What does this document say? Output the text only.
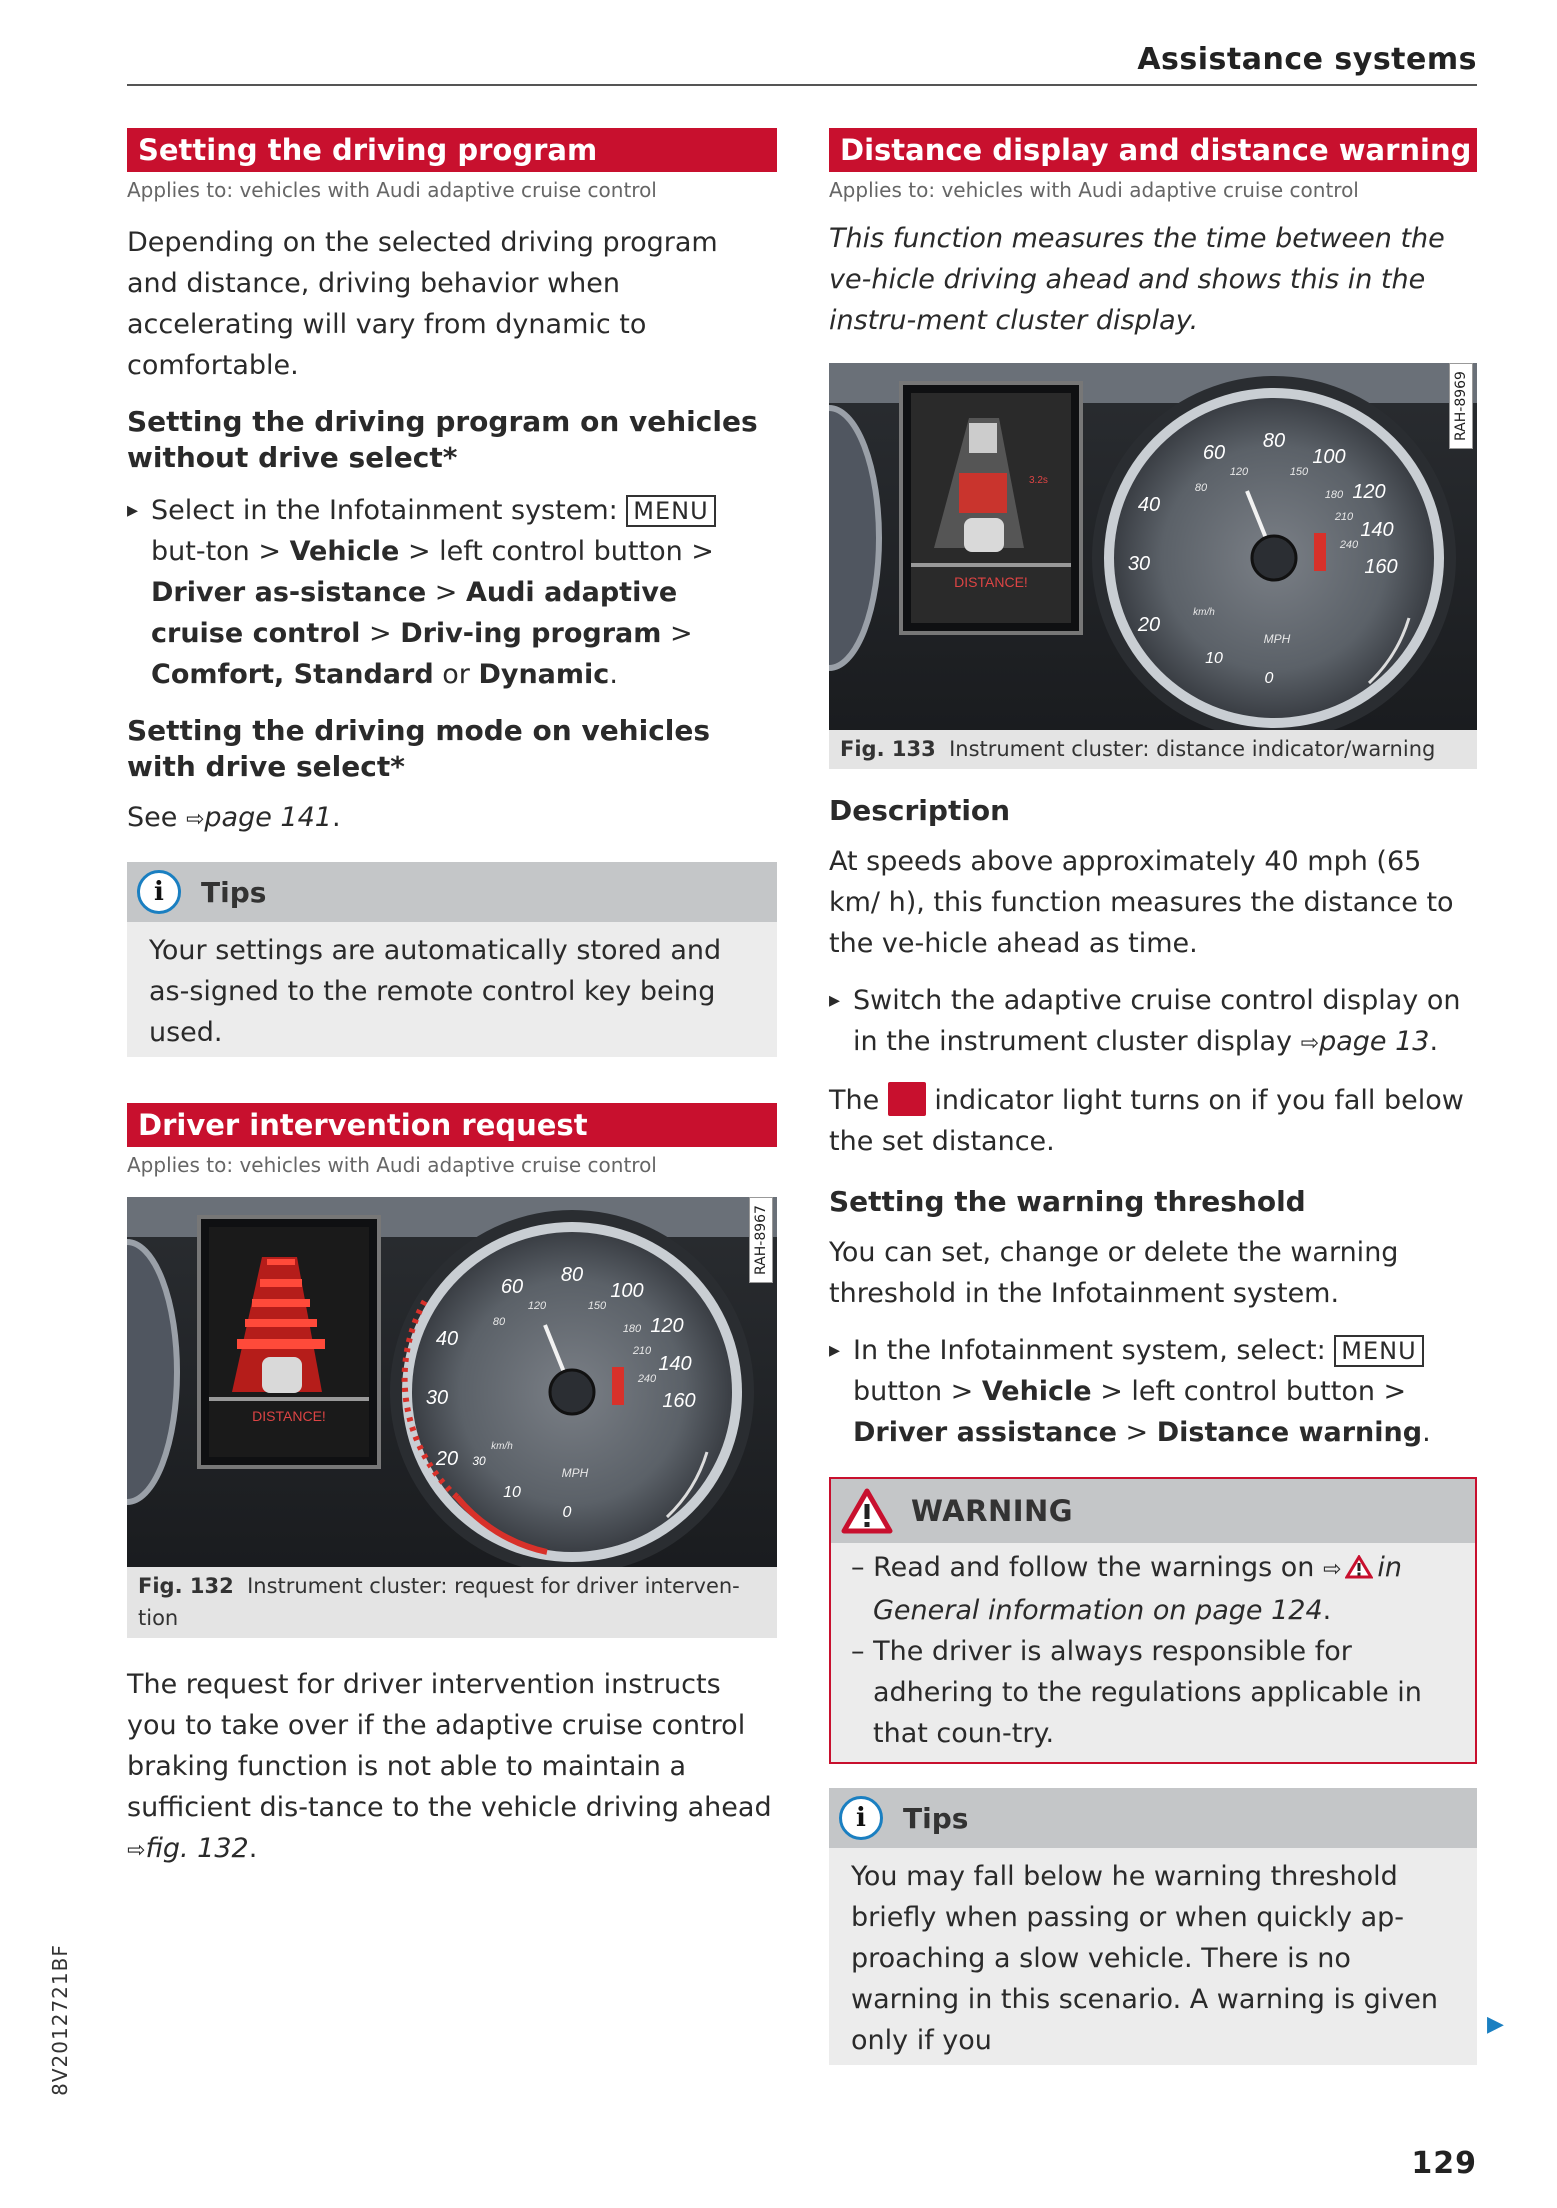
Assistance systems
Setting the driving program
Applies to: vehicles with Audi adaptive cruise control

Depending on the selected driving program and distance, driving behavior when accelerating will vary from dynamic to comfortable.

Setting the driving program on vehicles without drive select*
▸ Select in the Infotainment system: MENU but-ton > Vehicle > left control button > Driver as-sistance > Audi adaptive cruise control > Driv-ing program > Comfort, Standard or Dynamic.
Setting the driving mode on vehicles with drive select*

See ⇨page 141.

i	Tips
Your settings are automatically stored and as-signed to the remote control key being used.
Driver intervention request
Applies to: vehicles with Audi adaptive cruise control
DISTANCE!
20 30
30
40
60
80
100
120
140
160
10
0
80
120	150
180
210
240
MPH
km/h
RAH-8967
Fig. 132 Instrument cluster: request for driver interven-tion

The request for driver intervention instructs you to take over if the adaptive cruise control braking function is not able to maintain a sufficient dis-tance to the vehicle driving ahead ⇨fig. 132.

Distance display and distance warning
Applies to: vehicles with Audi adaptive cruise control

This function measures the time between the ve-hicle driving ahead and shows this in the instru-ment cluster display.

3.2s
DISTANCE!
20
30
40
60
80
100
120
140
160
10
0
80
120	150
180
210
240
MPH
km/h
RAH-8969
Fig. 133 Instrument cluster: distance indicator/warning
Description

At speeds above approximately 40 mph (65 km/ h), this function measures the distance to the ve-hicle ahead as time.

▸ Switch the adaptive cruise control display on in the instrument cluster display ⇨page 13.

The  indicator light turns on if you fall below the set distance.

Setting the warning threshold

You can set, change or delete the warning threshold in the Infotainment system.

▸ In the Infotainment system, select: MENU button > Vehicle > left control button > Driver assistance > Distance warning.
WARNING
– Read and follow the warnings on ⇨ in General information on page 124.
– The driver is always responsible for adhering to the regulations applicable in that coun-try.
i	Tips
You may fall below he warning threshold briefly when passing or when quickly ap-proaching a slow vehicle. There is no warning in this scenario. A warning is given only if you
▶
8V2012721BF
129
